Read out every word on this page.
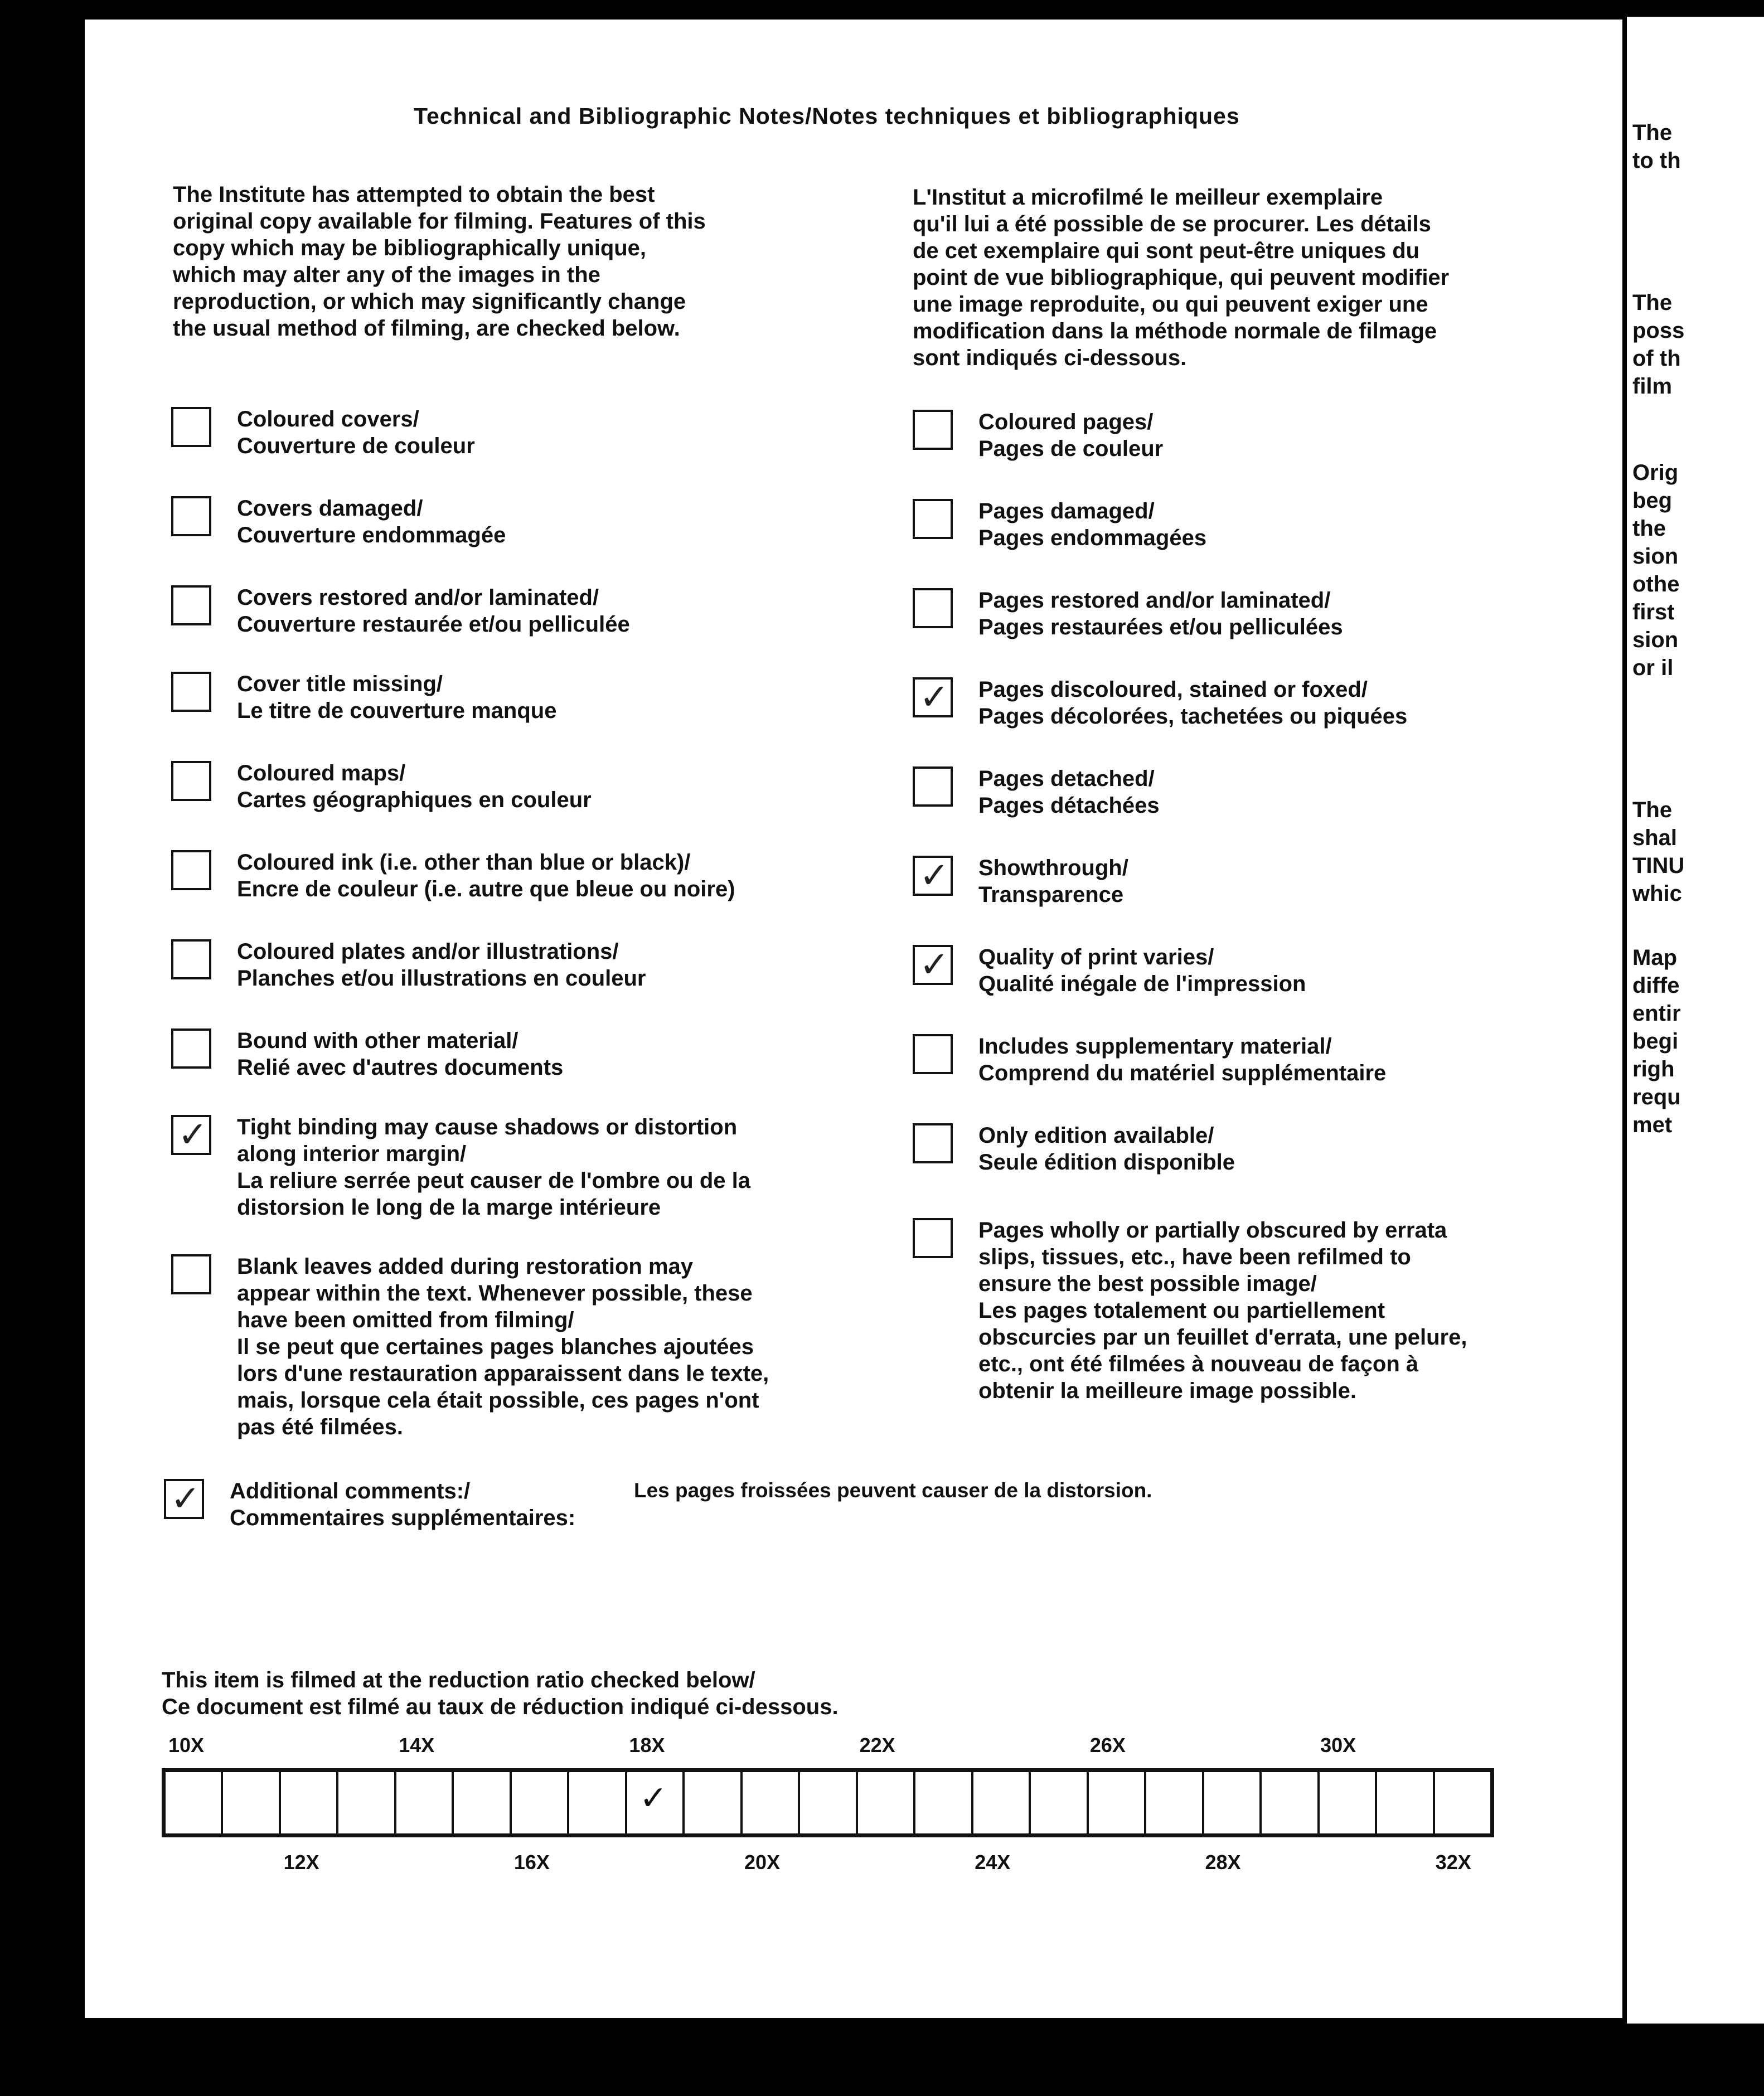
Technical and Bibliographic Notes/Notes techniques et bibliographiques
The Institute has attempted to obtain the best
original copy available for filming. Features of this
copy which may be bibliographically unique,
which may alter any of the images in the
reproduction, or which may significantly change
the usual method of filming, are checked below.
L'Institut a microfilmé le meilleur exemplaire
qu'il lui a été possible de se procurer. Les détails
de cet exemplaire qui sont peut-être uniques du
point de vue bibliographique, qui peuvent modifier
une image reproduite, ou qui peuvent exiger une
modification dans la méthode normale de filmage
sont indiqués ci-dessous.
Coloured covers/
Couverture de couleur
Covers damaged/
Couverture endommagée
Covers restored and/or laminated/
Couverture restaurée et/ou pelliculée
Cover title missing/
Le titre de couverture manque
Coloured maps/
Cartes géographiques en couleur
Coloured ink (i.e. other than blue or black)/
Encre de couleur (i.e. autre que bleue ou noire)
Coloured plates and/or illustrations/
Planches et/ou illustrations en couleur
Bound with other material/
Relié avec d'autres documents
✓ Tight binding may cause shadows or distortion
along interior margin/
La reliure serrée peut causer de l'ombre ou de la
distorsion le long de la marge intérieure
Blank leaves added during restoration may
appear within the text. Whenever possible, these
have been omitted from filming/
Il se peut que certaines pages blanches ajoutées
lors d'une restauration apparaissent dans le texte,
mais, lorsque cela était possible, ces pages n'ont
pas été filmées.
Coloured pages/
Pages de couleur
Pages damaged/
Pages endommagées
Pages restored and/or laminated/
Pages restaurées et/ou pelliculées
✓ Pages discoloured, stained or foxed/
Pages décolorées, tachetées ou piquées
Pages detached/
Pages détachées
✓ Showthrough/
Transparence
✓ Quality of print varies/
Qualité inégale de l'impression
Includes supplementary material/
Comprend du matériel supplémentaire
Only edition available/
Seule édition disponible
Pages wholly or partially obscured by errata
slips, tissues, etc., have been refilmed to
ensure the best possible image/
Les pages totalement ou partiellement
obscurcies par un feuillet d'errata, une pelure,
etc., ont été filmées à nouveau de façon à
obtenir la meilleure image possible.
✓ Additional comments:/
Commentaires supplémentaires:
Les pages froissées peuvent causer de la distorsion.
This item is filmed at the reduction ratio checked below/
Ce document est filmé au taux de réduction indiqué ci-dessous.
10X	14X	18X	22X	26X	30X
✓
12X	16X	20X	24X	28X	32X
The
to th
The
poss
of th
film
Orig
beg
the
sion
othe
first
sion
or il
The
shal
TINU
whic
Map
diffe
entir
begi
righ
requ
met
